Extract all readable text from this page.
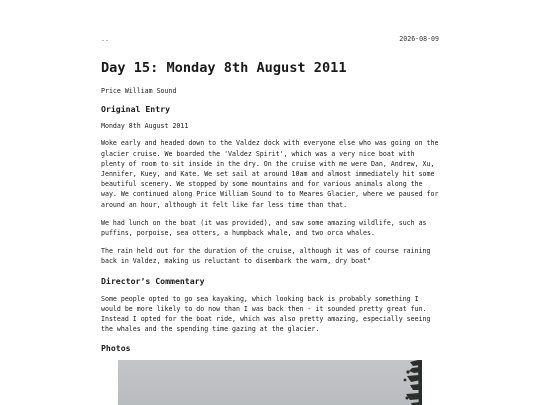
..	2026-08-09
Day 15: Monday 8th August 2011
Price William Sound
Original Entry
Monday 8th August 2011

Woke early and headed down to the Valdez dock with everyone else who was going on the glacier cruise. We boarded the 'Valdez Spirit', which was a very nice boat with plenty of room to sit inside in the dry. On the cruise with me were Dan, Andrew, Xu, Jennifer, Kuey, and Kate. We set sail at around 10am and almost immediately hit some beautiful scenery. We stopped by some mountains and for various animals along the way. We continued along Price William Sound to to Meares Glacier, where we paused for around an hour, although it felt like far less time than that.

We had lunch on the boat (it was provided), and saw some amazing wildlife, such as puffins, porpoise, sea otters, a humpback whale, and two orca whales.

The rain held out for the duration of the cruise, although it was of course raining back in Valdez, making us reluctant to disembark the warm, dry boat"

Director’s Commentary

Some people opted to go sea kayaking, which looking back is probably something I would be more likely to do now than I was back then - it sounded pretty great fun. Instead I opted for the boat ride, which was also pretty amazing, especially seeing the whales and the spending time gazing at the glacier.

Photos
